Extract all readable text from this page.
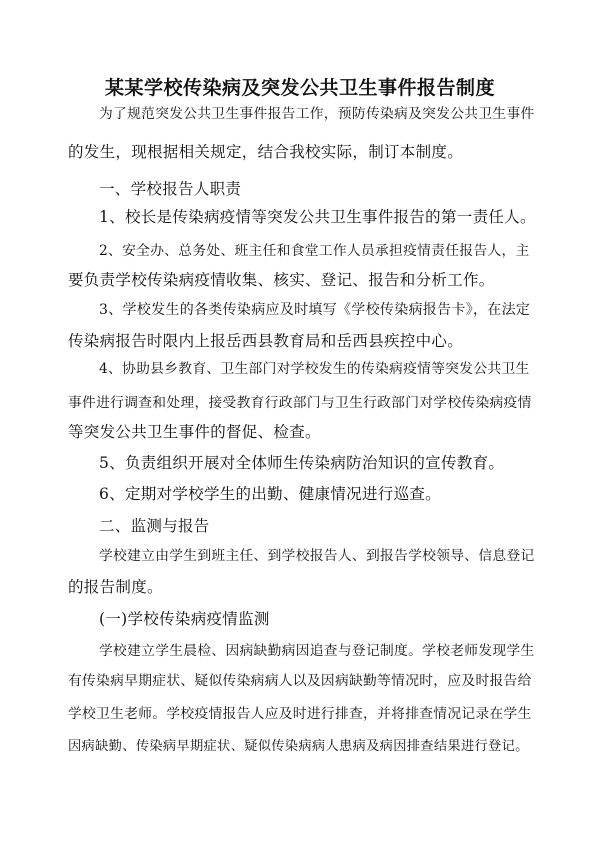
某某学校传染病及突发公共卫生事件报告制度
为了规范突发公共卫生事件报告工作，预防传染病及突发公共卫生事件
的发生，现根据相关规定，结合我校实际，制订本制度。
一、学校报告人职责
1、校长是传染病疫情等突发公共卫生事件报告的第一责任人。
2、安全办、总务处、班主任和食堂工作人员承担疫情责任报告人，主
要负责学校传染病疫情收集、核实、登记、报告和分析工作。
3、学校发生的各类传染病应及时填写《学校传染病报告卡》，在法定
传染病报告时限内上报岳西县教育局和岳西县疾控中心。
4、协助县乡教育、卫生部门对学校发生的传染病疫情等突发公共卫生
事件进行调查和处理，接受教育行政部门与卫生行政部门对学校传染病疫情
等突发公共卫生事件的督促、检查。
5、负责组织开展对全体师生传染病防治知识的宣传教育。
6、定期对学校学生的出勤、健康情况进行巡查。
二、监测与报告
学校建立由学生到班主任、到学校报告人、到报告学校领导、信息登记
的报告制度。
(一)学校传染病疫情监测
学校建立学生晨检、因病缺勤病因追查与登记制度。学校老师发现学生
有传染病早期症状、疑似传染病病人以及因病缺勤等情况时，应及时报告给
学校卫生老师。学校疫情报告人应及时进行排查，并将排查情况记录在学生
因病缺勤、传染病早期症状、疑似传染病病人患病及病因排查结果进行登记。
